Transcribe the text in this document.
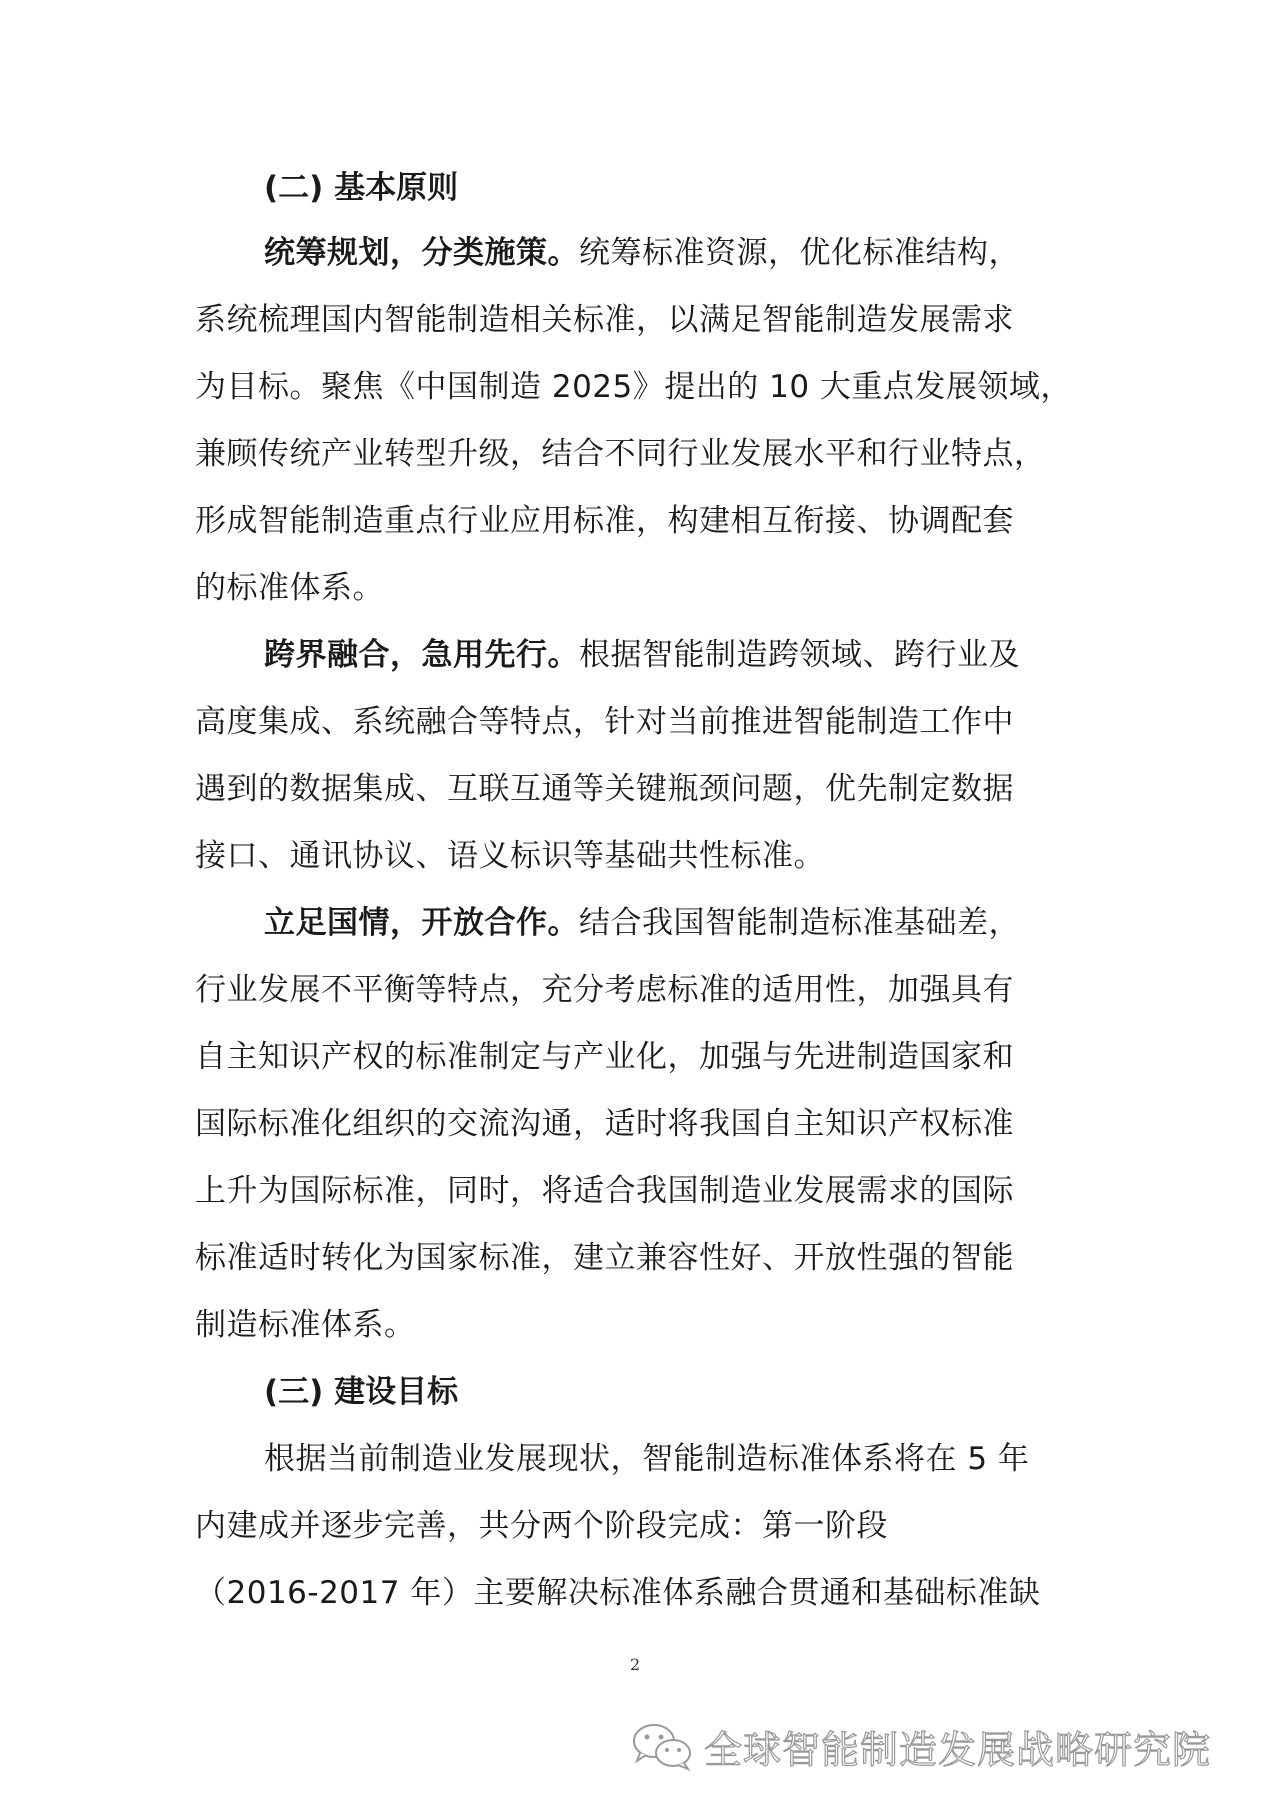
(二) 基本原则
统筹规划，分类施策。统筹标准资源，优化标准结构，
系统梳理国内智能制造相关标准，以满足智能制造发展需求
为目标。聚焦《中国制造 2025》提出的 10 大重点发展领域，
兼顾传统产业转型升级，结合不同行业发展水平和行业特点，
形成智能制造重点行业应用标准，构建相互衔接、协调配套
的标准体系。
跨界融合，急用先行。根据智能制造跨领域、跨行业及
高度集成、系统融合等特点，针对当前推进智能制造工作中
遇到的数据集成、互联互通等关键瓶颈问题，优先制定数据
接口、通讯协议、语义标识等基础共性标准。
立足国情，开放合作。结合我国智能制造标准基础差，
行业发展不平衡等特点，充分考虑标准的适用性，加强具有
自主知识产权的标准制定与产业化，加强与先进制造国家和
国际标准化组织的交流沟通，适时将我国自主知识产权标准
上升为国际标准，同时，将适合我国制造业发展需求的国际
标准适时转化为国家标准，建立兼容性好、开放性强的智能
制造标准体系。
(三) 建设目标
根据当前制造业发展现状，智能制造标准体系将在 5 年
内建成并逐步完善，共分两个阶段完成：第一阶段
（2016-2017 年）主要解决标准体系融合贯通和基础标准缺
2
全球智能制造发展战略研究院
